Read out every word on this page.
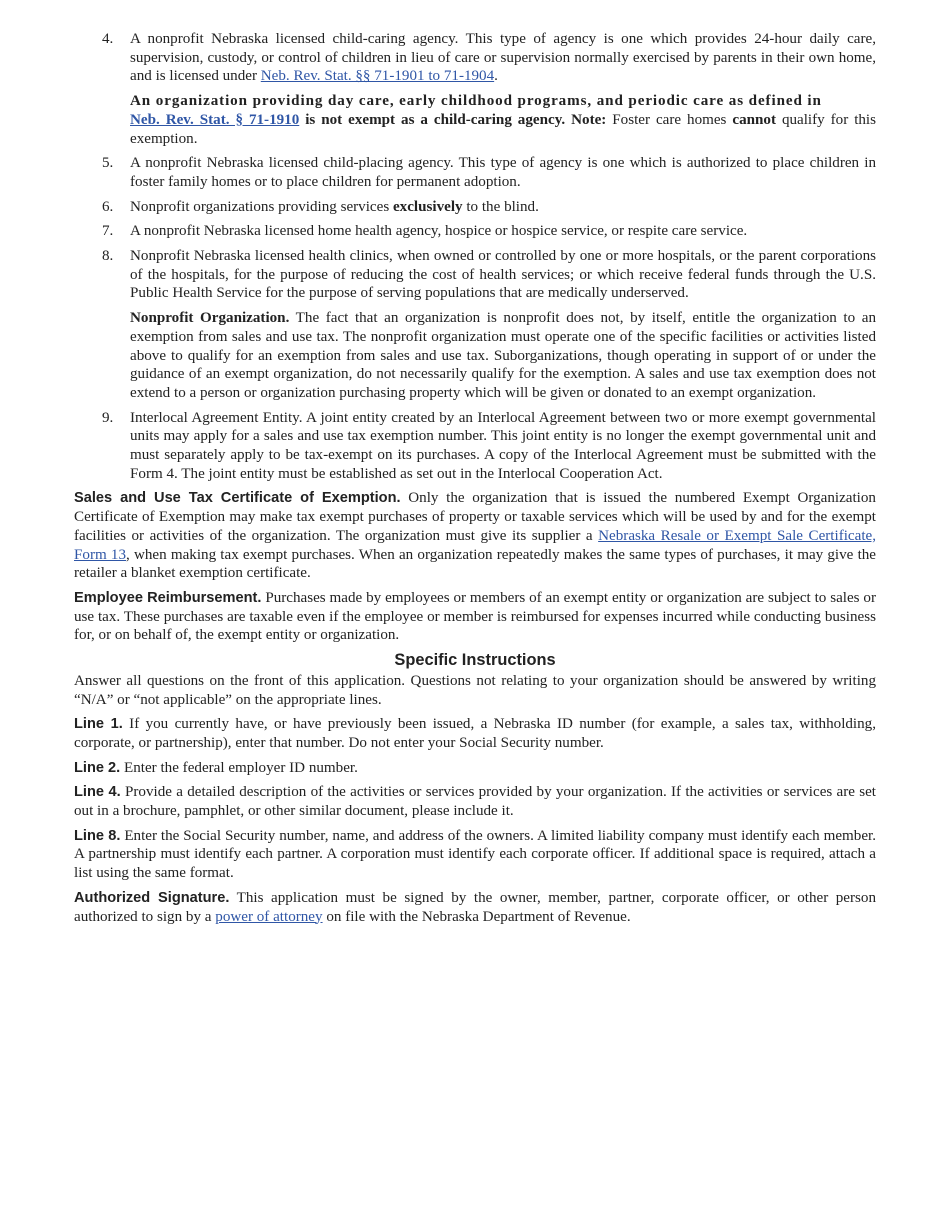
4. A nonprofit Nebraska licensed child-caring agency. This type of agency is one which provides 24-hour daily care, supervision, custody, or control of children in lieu of care or supervision normally exercised by parents in their own home, and is licensed under Neb. Rev. Stat. §§ 71-1901 to 71-1904.

An organization providing day care, early childhood programs, and periodic care as defined in
Neb. Rev. Stat. § 71-1910 is not exempt as a child-caring agency. Note: Foster care homes cannot qualify for this exemption.

5. A nonprofit Nebraska licensed child-placing agency. This type of agency is one which is authorized to place children in foster family homes or to place children for permanent adoption.

6. Nonprofit organizations providing services exclusively to the blind.

7. A nonprofit Nebraska licensed home health agency, hospice or hospice service, or respite care service.

8. Nonprofit Nebraska licensed health clinics, when owned or controlled by one or more hospitals, or the parent corporations of the hospitals, for the purpose of reducing the cost of health services; or which receive federal funds through the U.S. Public Health Service for the purpose of serving populations that are medically underserved.

Nonprofit Organization. The fact that an organization is nonprofit does not, by itself, entitle the organization to an exemption from sales and use tax. The nonprofit organization must operate one of the specific facilities or activities listed above to qualify for an exemption from sales and use tax. Suborganizations, though operating in support of or under the guidance of an exempt organization, do not necessarily qualify for the exemption. A sales and use tax exemption does not extend to a person or organization purchasing property which will be given or donated to an exempt organization.

9. Interlocal Agreement Entity. A joint entity created by an Interlocal Agreement between two or more exempt governmental units may apply for a sales and use tax exemption number. This joint entity is no longer the exempt governmental unit and must separately apply to be tax-exempt on its purchases. A copy of the Interlocal Agreement must be submitted with the Form 4. The joint entity must be established as set out in the Interlocal Cooperation Act.

Sales and Use Tax Certificate of Exemption. Only the organization that is issued the numbered Exempt Organization Certificate of Exemption may make tax exempt purchases of property or taxable services which will be used by and for the exempt facilities or activities of the organization. The organization must give its supplier a Nebraska Resale or Exempt Sale Certificate, Form 13, when making tax exempt purchases. When an organization repeatedly makes the same types of purchases, it may give the retailer a blanket exemption certificate.

Employee Reimbursement. Purchases made by employees or members of an exempt entity or organization are subject to sales or use tax. These purchases are taxable even if the employee or member is reimbursed for expenses incurred while conducting business for, or on behalf of, the exempt entity or organization.

Specific Instructions

Answer all questions on the front of this application. Questions not relating to your organization should be answered by writing “N/A” or “not applicable” on the appropriate lines.

Line 1. If you currently have, or have previously been issued, a Nebraska ID number (for example, a sales tax, withholding, corporate, or partnership), enter that number. Do not enter your Social Security number.

Line 2. Enter the federal employer ID number.

Line 4. Provide a detailed description of the activities or services provided by your organization. If the activities or services are set out in a brochure, pamphlet, or other similar document, please include it.

Line 8. Enter the Social Security number, name, and address of the owners. A limited liability company must identify each member. A partnership must identify each partner. A corporation must identify each corporate officer. If additional space is required, attach a list using the same format.

Authorized Signature. This application must be signed by the owner, member, partner, corporate officer, or other person authorized to sign by a power of attorney on file with the Nebraska Department of Revenue.
